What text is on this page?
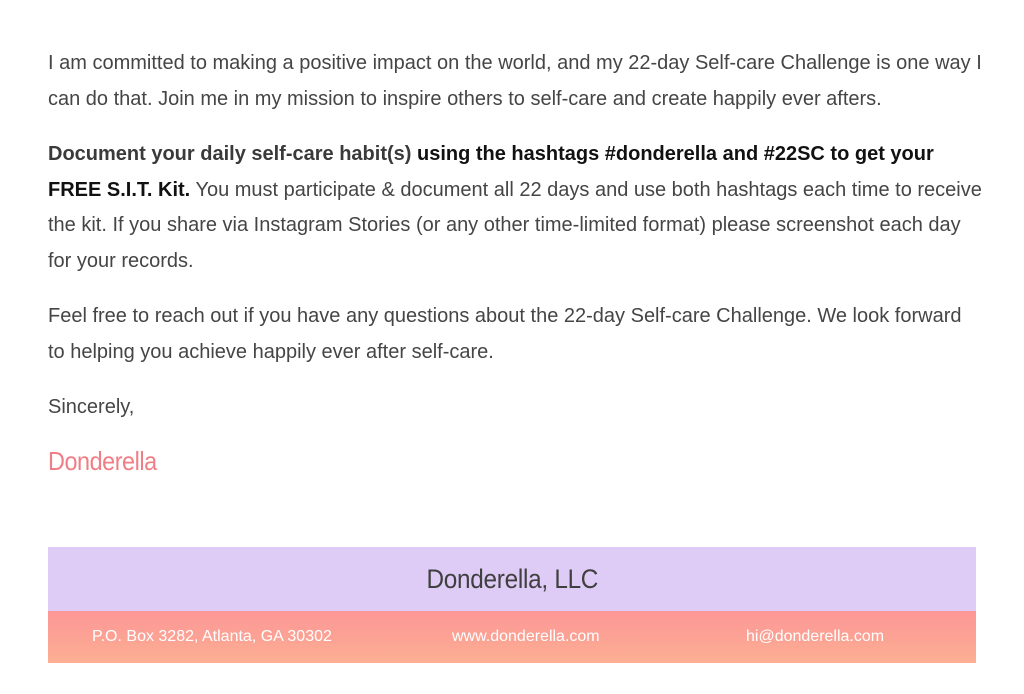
I am committed to making a positive impact on the world, and my 22-day Self-care Challenge is one way I can do that. Join me in my mission to inspire others to self-care and create happily ever afters.

Document your daily self-care habit(s) using the hashtags #donderella and #22SC to get your FREE S.I.T. Kit. You must participate & document all 22 days and use both hashtags each time to receive the kit. If you share via Instagram Stories (or any other time-limited format) please screenshot each day for your records.

Feel free to reach out if you have any questions about the 22-day Self-care Challenge. We look forward to helping you achieve happily ever after self-care.

Sincerely,

Donderella
Donderella, LLC
P.O. Box 3282, Atlanta, GA 30302	www.donderella.com	hi@donderella.com
